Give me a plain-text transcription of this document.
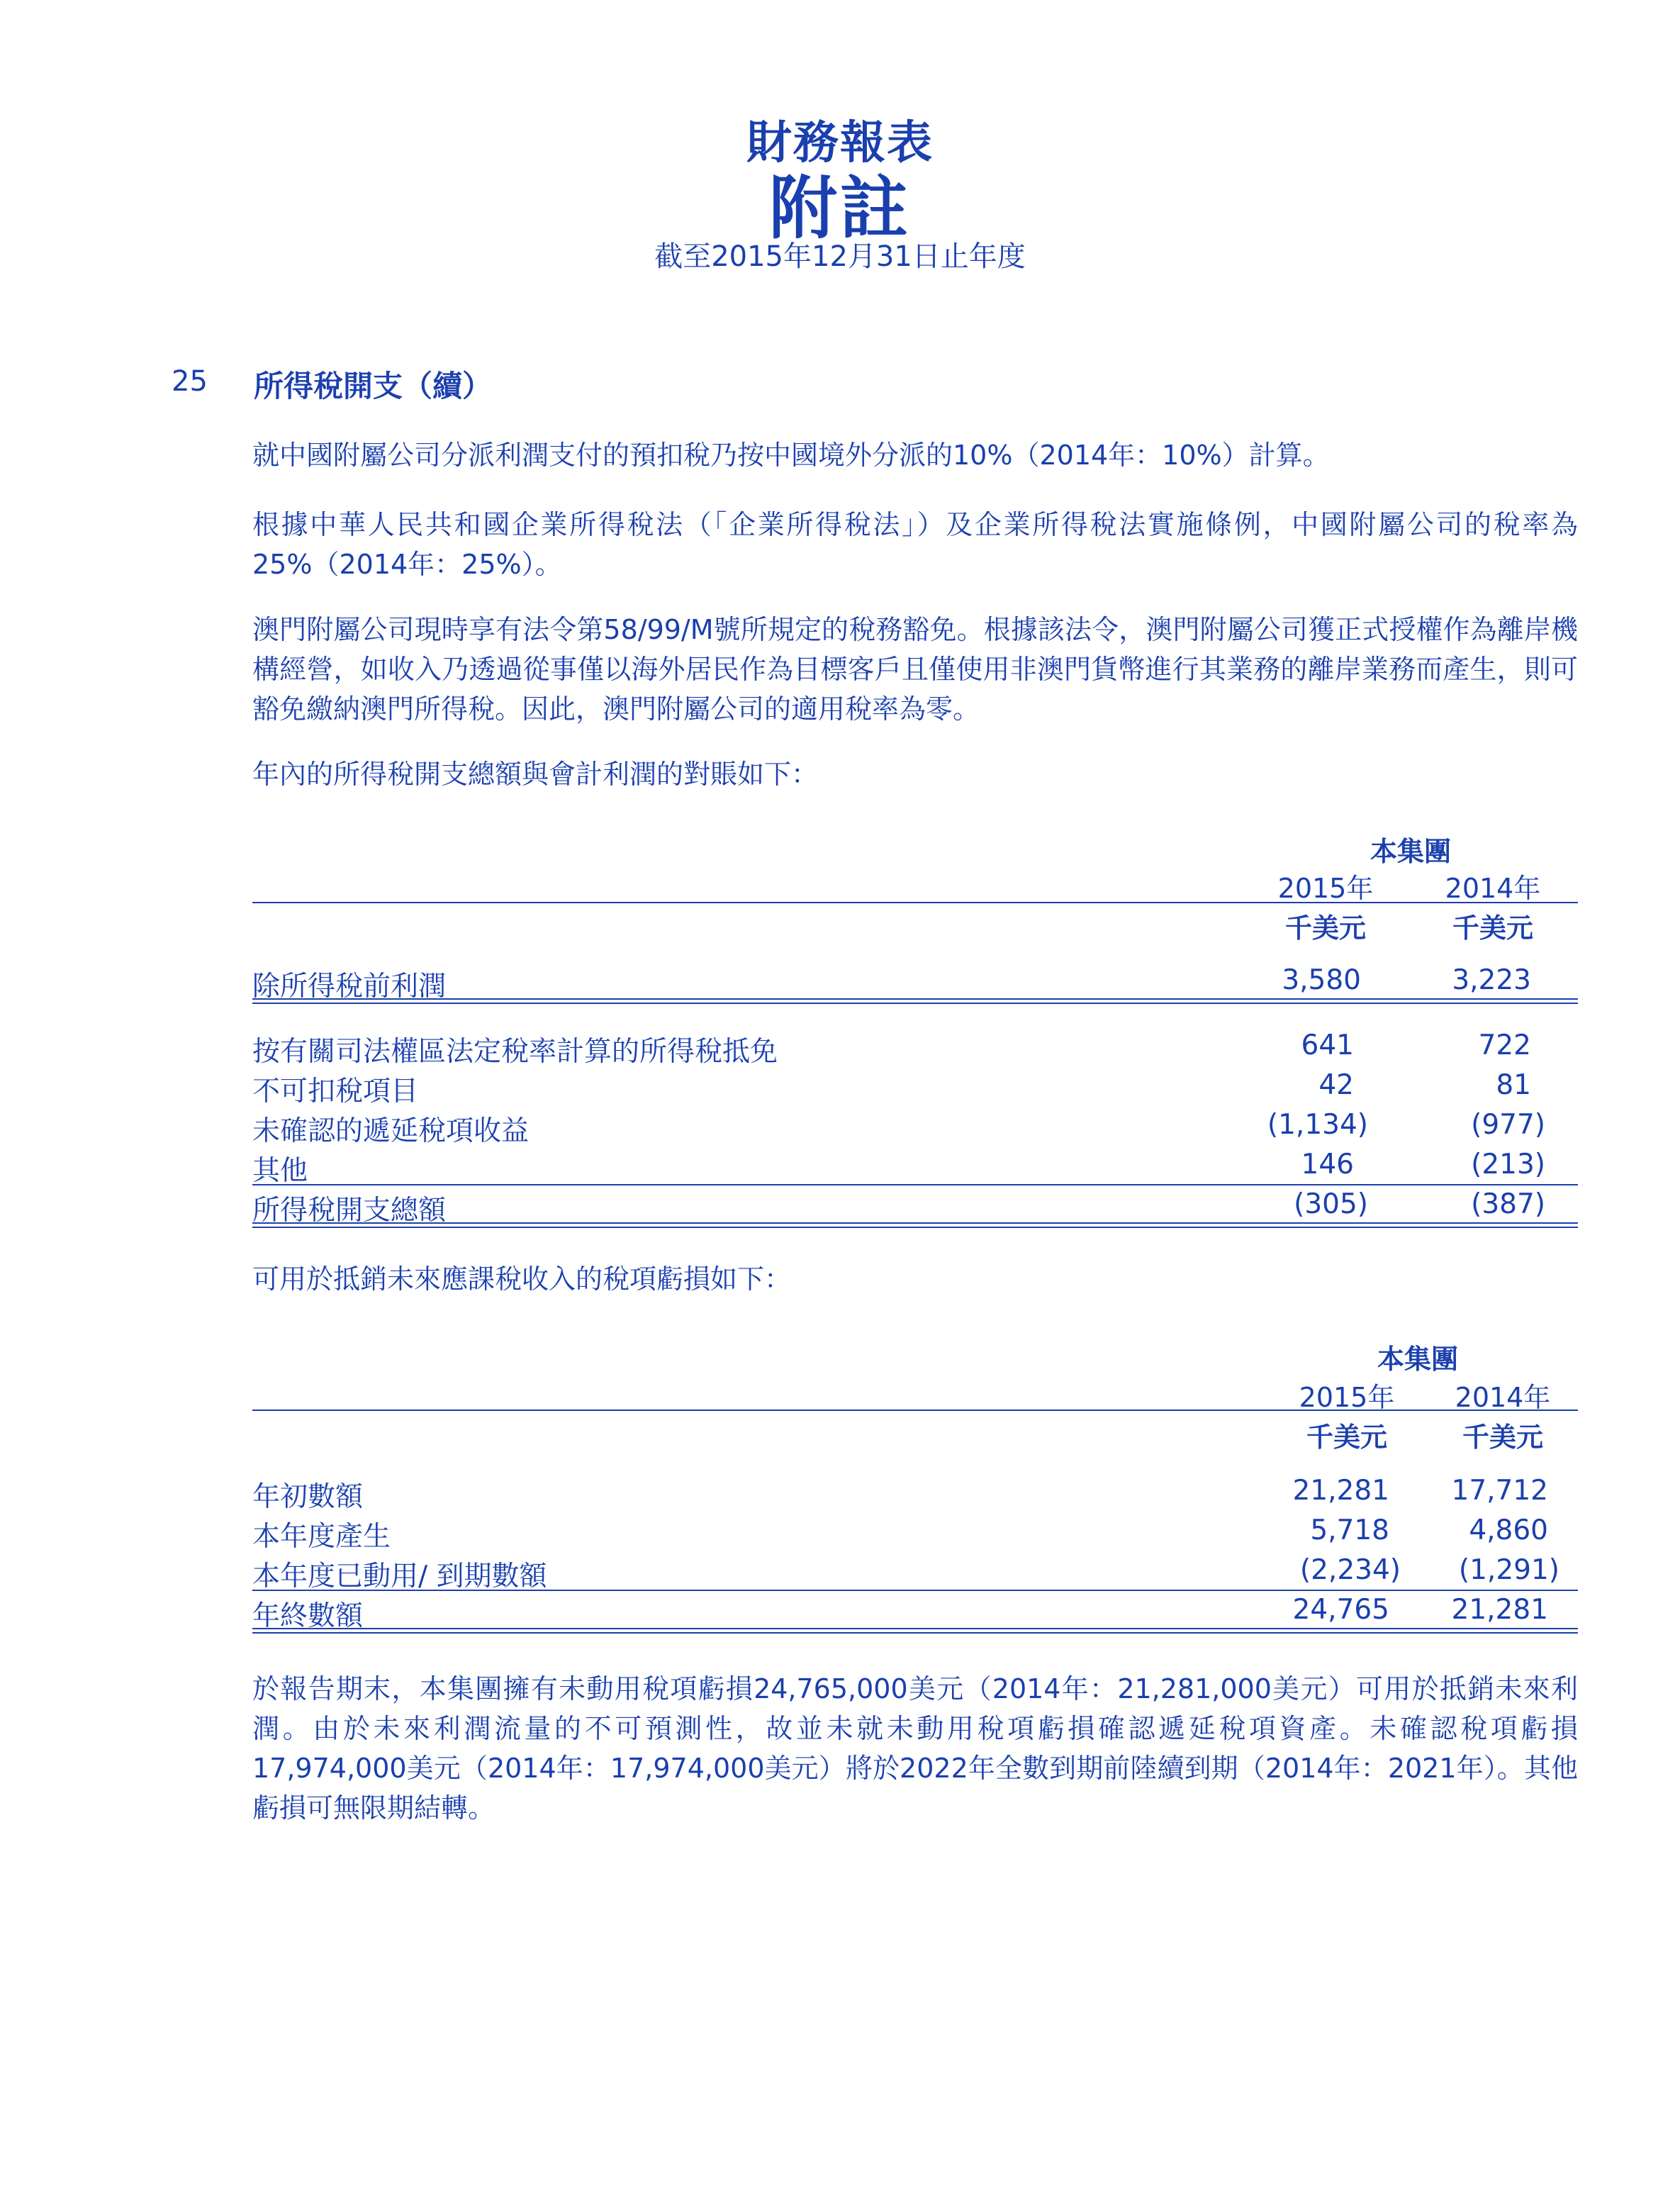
財務報表
附註
截至2015年12月31日止年度
25 所得稅開支（續）
就中國附屬公司分派利潤支付的預扣稅乃按中國境外分派的10%（2014年：10%）計算。
根據中華人民共和國企業所得稅法（「企業所得稅法」）及企業所得稅法實施條例，中國附屬公司的稅率為25%（2014年：25%）。
澳門附屬公司現時享有法令第58/99/M號所規定的稅務豁免。根據該法令，澳門附屬公司獲正式授權作為離岸機構經營，如收入乃透過從事僅以海外居民作為目標客戶且僅使用非澳門貨幣進行其業務的離岸業務而產生，則可豁免繳納澳門所得稅。因此，澳門附屬公司的適用稅率為零。
年內的所得稅開支總額與會計利潤的對賬如下：
本集團
2015年	2014年
千美元	千美元
除所得稅前利潤	3,580	3,223
按有關司法權區法定稅率計算的所得稅抵免	641	722
不可扣稅項目	42	81
未確認的遞延稅項收益	(1,134)	(977)
其他	146	(213)
所得稅開支總額	(305)	(387)
可用於抵銷未來應課稅收入的稅項虧損如下：
本集團
2015年	2014年
千美元	千美元
年初數額	21,281	17,712
本年度產生	5,718	4,860
本年度已動用/ 到期數額	(2,234)	(1,291)
年終數額	24,765	21,281
於報告期末，本集團擁有未動用稅項虧損24,765,000美元（2014年：21,281,000美元）可用於抵銷未來利潤。由於未來利潤流量的不可預測性，故並未就未動用稅項虧損確認遞延稅項資產。未確認稅項虧損17,974,000美元（2014年：17,974,000美元）將於2022年全數到期前陸續到期（2014年：2021年）。其他虧損可無限期結轉。
